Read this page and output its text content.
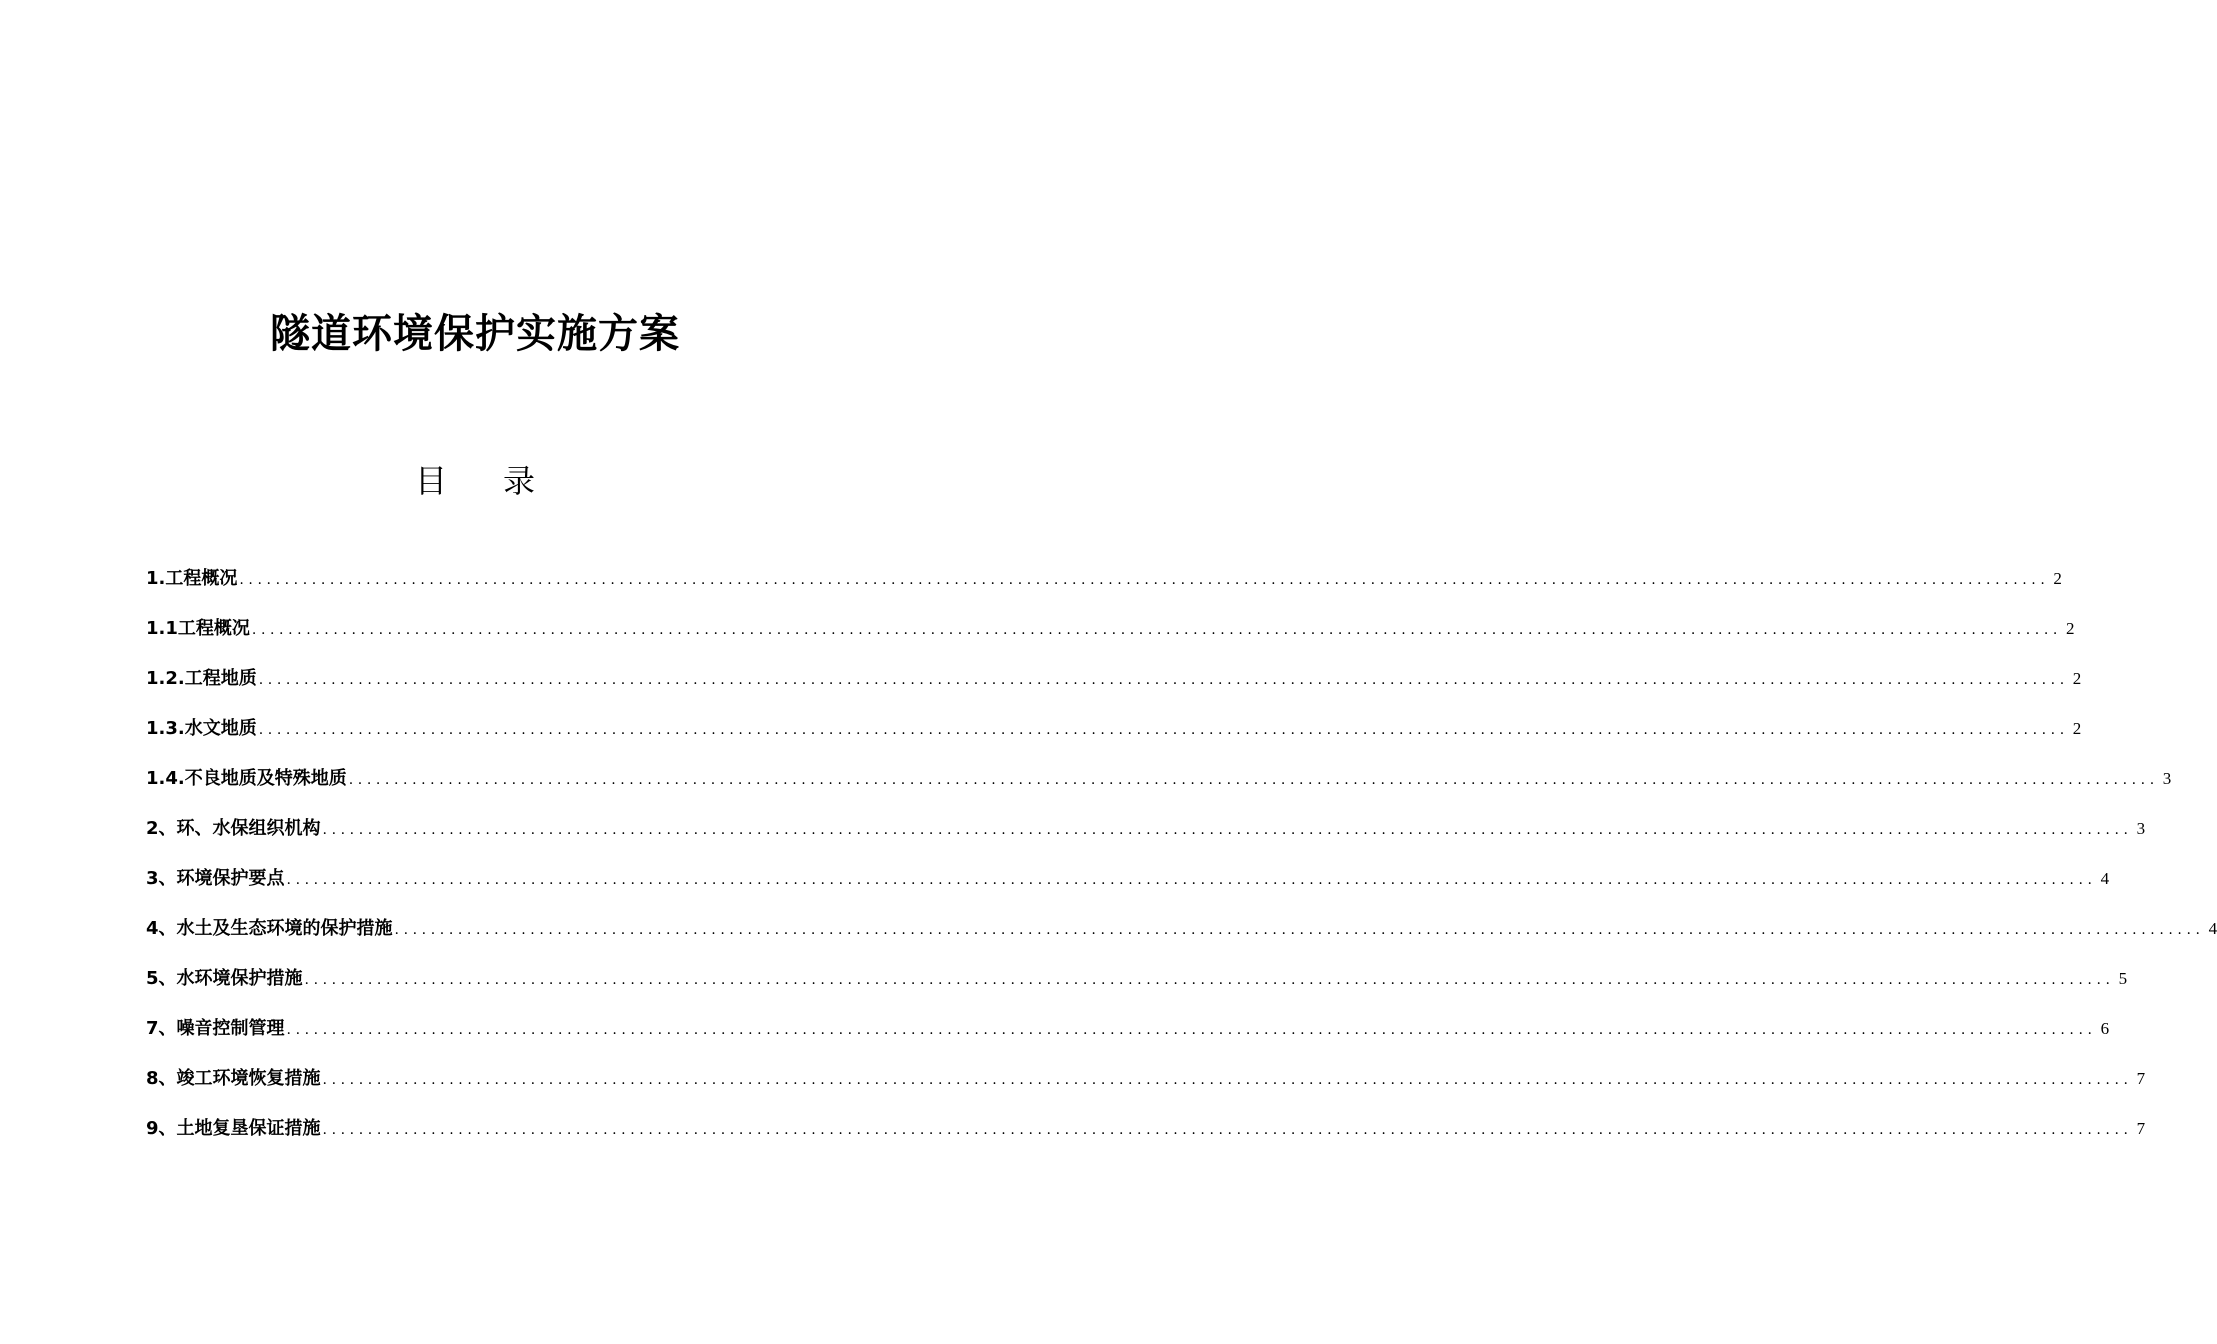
隧道环境保护实施方案
目 录
1.工程概况 ........................................................................................................................................................................................................ 2
1.1工程概况 ........................................................................................................................................................................................................ 2
1.2.工程地质 ........................................................................................................................................................................................................ 2
1.3.水文地质 ........................................................................................................................................................................................................ 2
1.4.不良地质及特殊地质 ........................................................................................................................................................................................................ 3
2、环、水保组织机构 ........................................................................................................................................................................................................ 3
3、环境保护要点 ........................................................................................................................................................................................................ 4
4、水土及生态环境的保护措施 ........................................................................................................................................................................................................ 4
5、水环境保护措施 ........................................................................................................................................................................................................ 5
7、噪音控制管理 ........................................................................................................................................................................................................ 6
8、竣工环境恢复措施 ........................................................................................................................................................................................................ 7
9、土地复垦保证措施 ........................................................................................................................................................................................................ 7
